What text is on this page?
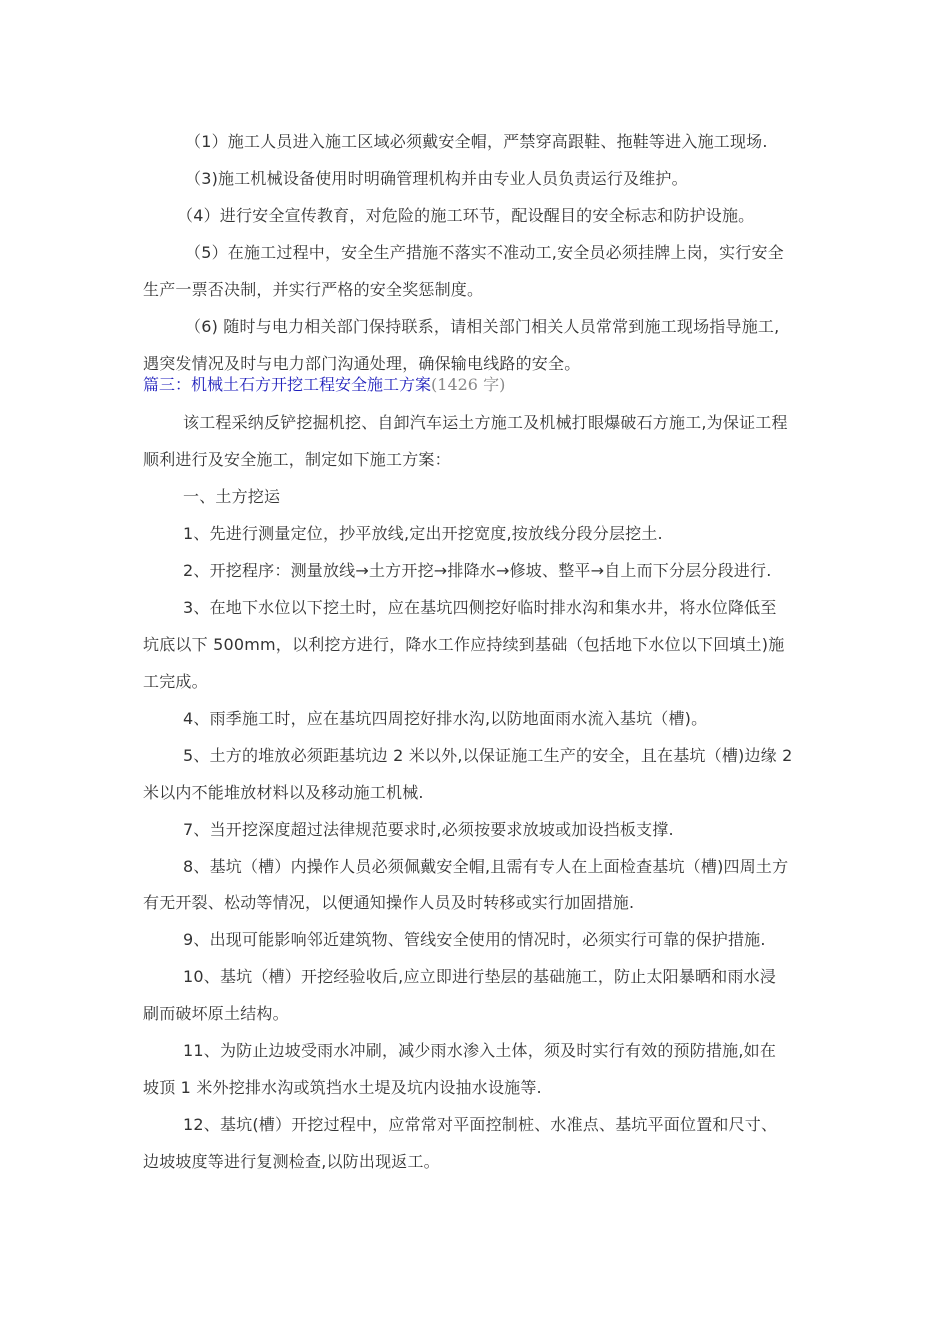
（1）施工人员进入施工区域必须戴安全帽，严禁穿高跟鞋、拖鞋等进入施工现场.
（3)施工机械设备使用时明确管理机构并由专业人员负责运行及维护。
（4）进行安全宣传教育，对危险的施工环节，配设醒目的安全标志和防护设施。
（5）在施工过程中，安全生产措施不落实不准动工,安全员必须挂牌上岗，实行安全
生产一票否决制，并实行严格的安全奖惩制度。
（6) 随时与电力相关部门保持联系，请相关部门相关人员常常到施工现场指导施工,
遇突发情况及时与电力部门沟通处理，确保输电线路的安全。
篇三：机械土石方开挖工程安全施工方案(1426 字)
该工程采纳反铲挖掘机挖、自卸汽车运土方施工及机械打眼爆破石方施工,为保证工程
顺利进行及安全施工，制定如下施工方案：
一、土方挖运
1、先进行测量定位，抄平放线,定出开挖宽度,按放线分段分层挖土.
2、开挖程序：测量放线→土方开挖→排降水→修坡、整平→自上而下分层分段进行.
3、在地下水位以下挖土时，应在基坑四侧挖好临时排水沟和集水井，将水位降低至
坑底以下 500mm，以利挖方进行，降水工作应持续到基础（包括地下水位以下回填土)施
工完成。
4、雨季施工时，应在基坑四周挖好排水沟,以防地面雨水流入基坑（槽)。
5、土方的堆放必须距基坑边 2 米以外,以保证施工生产的安全，且在基坑（槽)边缘 2
米以内不能堆放材料以及移动施工机械.
7、当开挖深度超过法律规范要求时,必须按要求放坡或加设挡板支撑.
8、基坑（槽）内操作人员必须佩戴安全帽,且需有专人在上面检查基坑（槽)四周土方
有无开裂、松动等情况，以便通知操作人员及时转移或实行加固措施.
9、出现可能影响邻近建筑物、管线安全使用的情况时，必须实行可靠的保护措施.
10、基坑（槽）开挖经验收后,应立即进行垫层的基础施工，防止太阳暴晒和雨水浸
刷而破坏原土结构。
11、为防止边坡受雨水冲刷，减少雨水渗入土体，须及时实行有效的预防措施,如在
坡顶 1 米外挖排水沟或筑挡水土堤及坑内设抽水设施等.
12、基坑(槽）开挖过程中，应常常对平面控制桩、水准点、基坑平面位置和尺寸、
边坡坡度等进行复测检查,以防出现返工。
